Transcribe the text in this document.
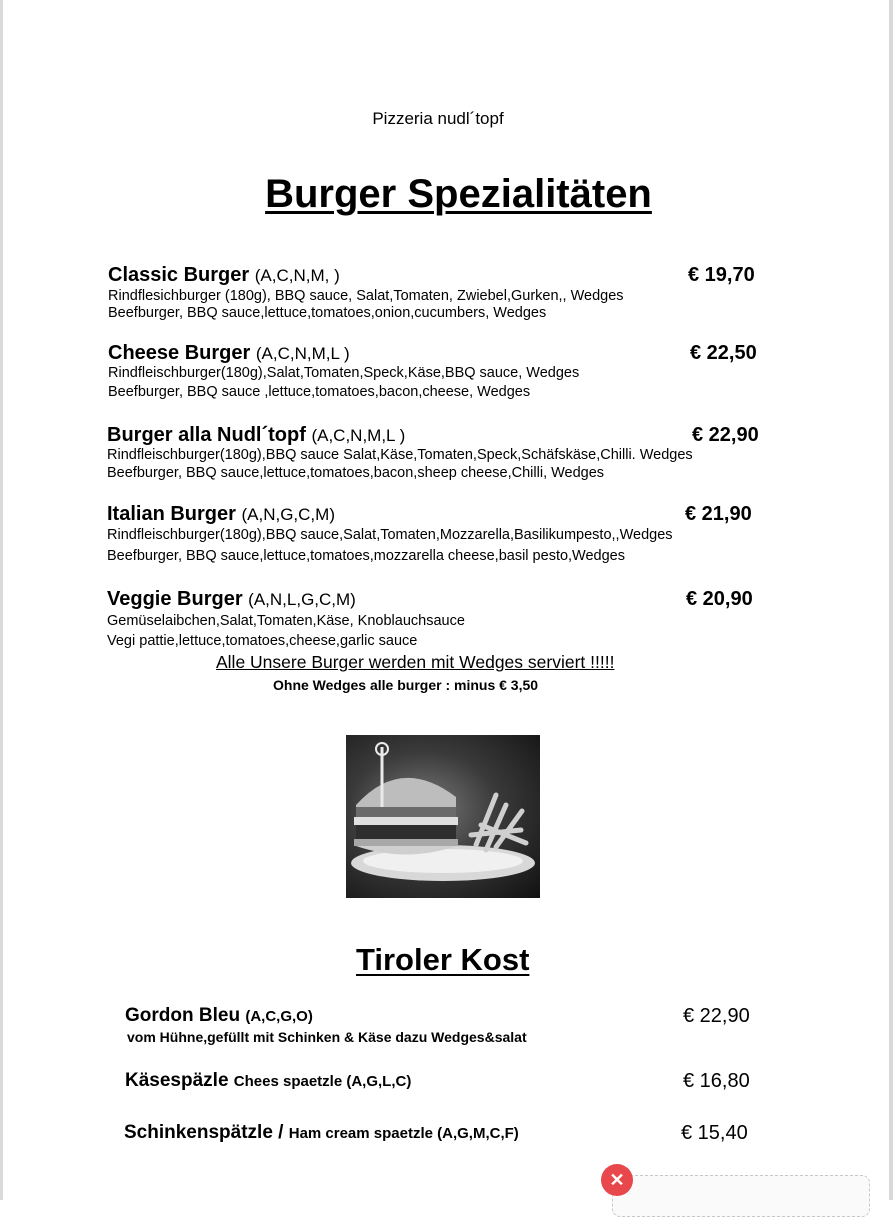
Pizzeria nudl´topf
Burger Spezialitäten
Classic Burger (A,C,N,M, )	€ 19,70
Rindflesichburger (180g), BBQ sauce, Salat,Tomaten, Zwiebel,Gurken,, Wedges
Beefburger, BBQ sauce,lettuce,tomatoes,onion,cucumbers, Wedges
Cheese Burger (A,C,N,M,L )	€ 22,50
Rindfleischburger(180g),Salat,Tomaten,Speck,Käse,BBQ sauce, Wedges
Beefburger, BBQ sauce ,lettuce,tomatoes,bacon,cheese, Wedges
Burger alla Nudl´topf (A,C,N,M,L )	€ 22,90
Rindfleischburger(180g),BBQ sauce Salat,Käse,Tomaten,Speck,Schäfskäse,Chilli. Wedges
Beefburger, BBQ sauce,lettuce,tomatoes,bacon,sheep cheese,Chilli, Wedges
Italian Burger (A,N,G,C,M)	€ 21,90
Rindfleischburger(180g),BBQ sauce,Salat,Tomaten,Mozzarella,Basilikumpesto,,Wedges
Beefburger, BBQ sauce,lettuce,tomatoes,mozzarella cheese,basil pesto,Wedges
Veggie Burger (A,N,L,G,C,M)	€ 20,90
Gemüselaibchen,Salat,Tomaten,Käse, Knoblauchsauce
Vegi pattie,lettuce,tomatoes,cheese,garlic sauce
Alle Unsere Burger werden mit Wedges serviert !!!!!
Ohne Wedges alle burger : minus € 3,50
Tiroler Kost
Gordon Bleu (A,C,G,O)	€ 22,90
vom Hühne,gefüllt mit Schinken & Käse dazu Wedges&salat
Käsespäzle Chees spaetzle (A,G,L,C)	€ 16,80
Schinkenspätzle / Ham cream spaetzle (A,G,M,C,F)	€ 15,40
✕
